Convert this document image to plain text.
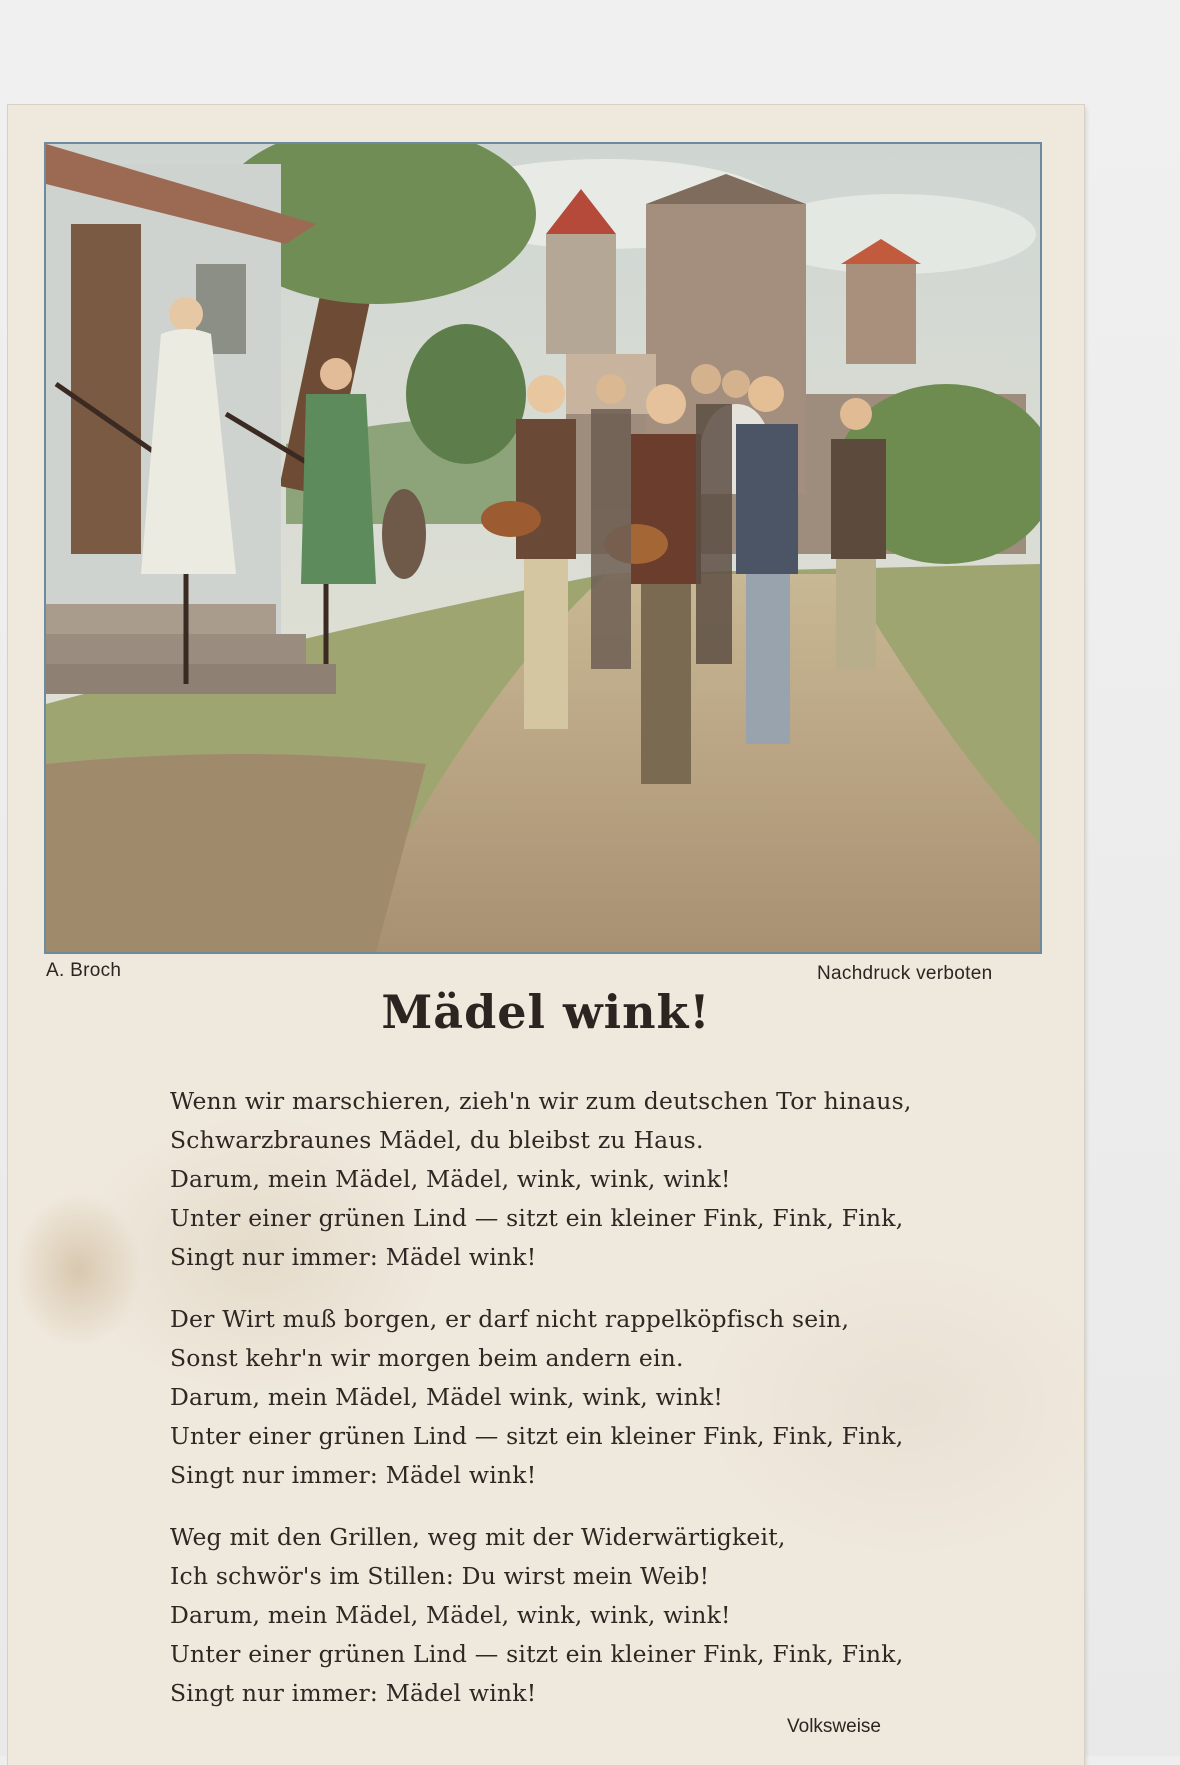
A. Broch	Nachdruck verboten
Mädel wink!
Wenn wir marschieren, zieh'n wir zum deutschen Tor hinaus,
Schwarzbraunes Mädel, du bleibst zu Haus.
Darum, mein Mädel, Mädel, wink, wink, wink!
Unter einer grünen Lind — sitzt ein kleiner Fink, Fink, Fink,
Singt nur immer: Mädel wink!
Der Wirt muß borgen, er darf nicht rappelköpfisch sein,
Sonst kehr'n wir morgen beim andern ein.
Darum, mein Mädel, Mädel wink, wink, wink!
Unter einer grünen Lind — sitzt ein kleiner Fink, Fink, Fink,
Singt nur immer: Mädel wink!
Weg mit den Grillen, weg mit der Widerwärtigkeit,
Ich schwör's im Stillen: Du wirst mein Weib!
Darum, mein Mädel, Mädel, wink, wink, wink!
Unter einer grünen Lind — sitzt ein kleiner Fink, Fink, Fink,
Singt nur immer: Mädel wink!
Volksweise
